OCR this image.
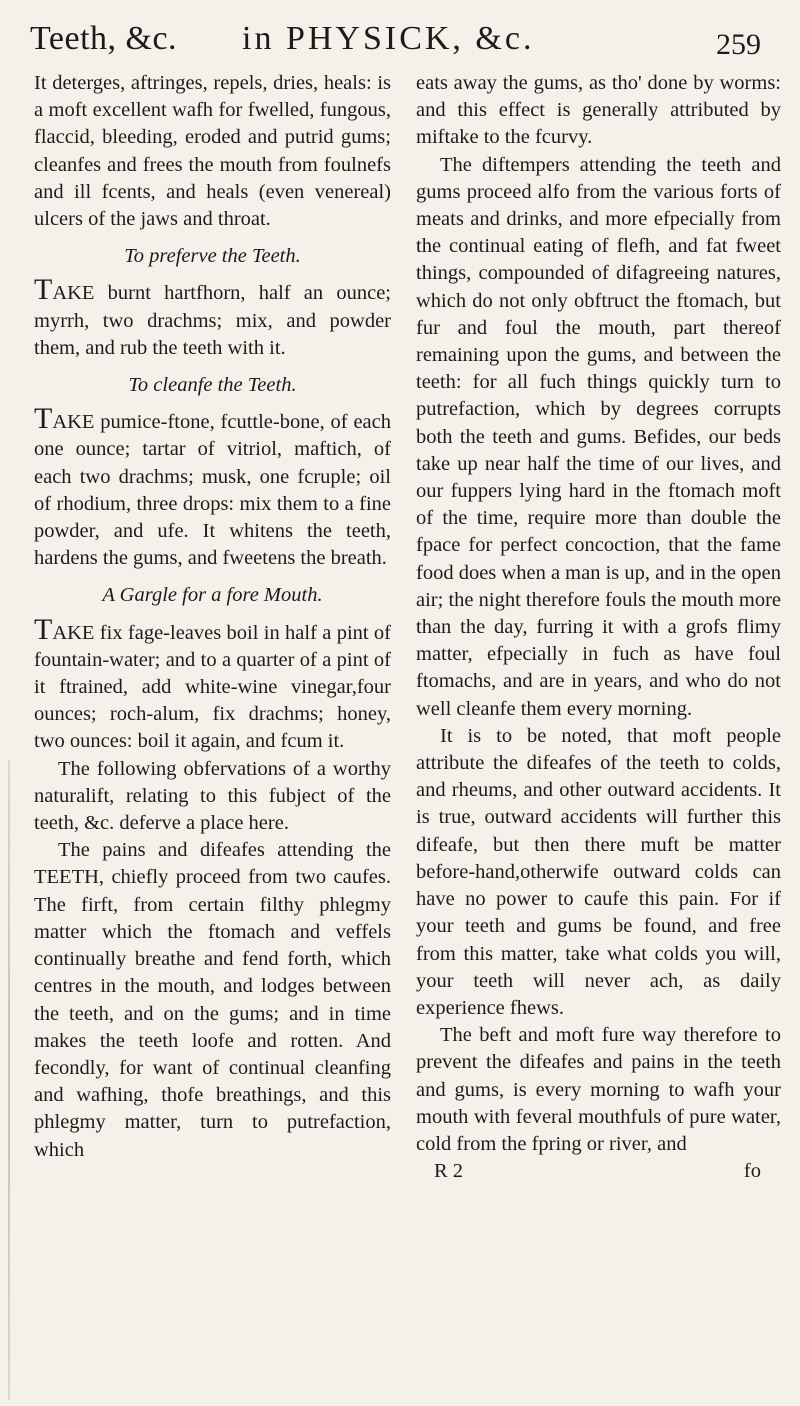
Teeth, &c. in PHYSICK, &c.	259

It deterges, aftringes, repels, dries, heals: is a moft excellent wafh for fwelled, fungous, flaccid, bleeding, eroded and putrid gums; cleanfes and frees the mouth from foulnefs and ill fcents, and heals (even venereal) ulcers of the jaws and throat.

To preferve the Teeth.

TAKE burnt hartfhorn, half an ounce; myrrh, two drachms; mix, and powder them, and rub the teeth with it.

To cleanfe the Teeth.

TAKE pumice-ftone, fcuttle-bone, of each one ounce; tartar of vitriol, maftich, of each two drachms; musk, one fcruple; oil of rhodium, three drops: mix them to a fine powder, and ufe. It whitens the teeth, hardens the gums, and fweetens the breath.

A Gargle for a fore Mouth.

TAKE fix fage-leaves boil in half a pint of fountain-water; and to a quarter of a pint of it ftrained, add white-wine vinegar,four ounces; roch-alum, fix drachms; honey, two ounces: boil it again, and fcum it.

The following obfervations of a worthy naturalift, relating to this fubject of the teeth, &c. deferve a place here.

The pains and difeafes attending the TEETH, chiefly proceed from two caufes. The firft, from certain filthy phlegmy matter which the ftomach and veffels continually breathe and fend forth, which centres in the mouth, and lodges between the teeth, and on the gums; and in time makes the teeth loofe and rotten. And fecondly, for want of continual cleanfing and wafhing, thofe breathings, and this phlegmy matter, turn to putrefaction, which

eats away the gums, as tho' done by worms: and this effect is generally attributed by miftake to the fcurvy.

The diftempers attending the teeth and gums proceed alfo from the various forts of meats and drinks, and more efpecially from the continual eating of flefh, and fat fweet things, compounded of difagreeing natures, which do not only obftruct the ftomach, but fur and foul the mouth, part thereof remaining upon the gums, and between the teeth: for all fuch things quickly turn to putrefaction, which by degrees corrupts both the teeth and gums. Befides, our beds take up near half the time of our lives, and our fuppers lying hard in the ftomach moft of the time, require more than double the fpace for perfect concoction, that the fame food does when a man is up, and in the open air; the night therefore fouls the mouth more than the day, furring it with a grofs flimy matter, efpecially in fuch as have foul ftomachs, and are in years, and who do not well cleanfe them every morning.

It is to be noted, that moft people attribute the difeafes of the teeth to colds, and rheums, and other outward accidents. It is true, outward accidents will further this difeafe, but then there muft be matter before-hand,otherwife outward colds can have no power to caufe this pain. For if your teeth and gums be found, and free from this matter, take what colds you will, your teeth will never ach, as daily experience fhews.

The beft and moft fure way therefore to prevent the difeafes and pains in the teeth and gums, is every morning to wafh your mouth with feveral mouthfuls of pure water, cold from the fpring or river, and

R 2	fo
